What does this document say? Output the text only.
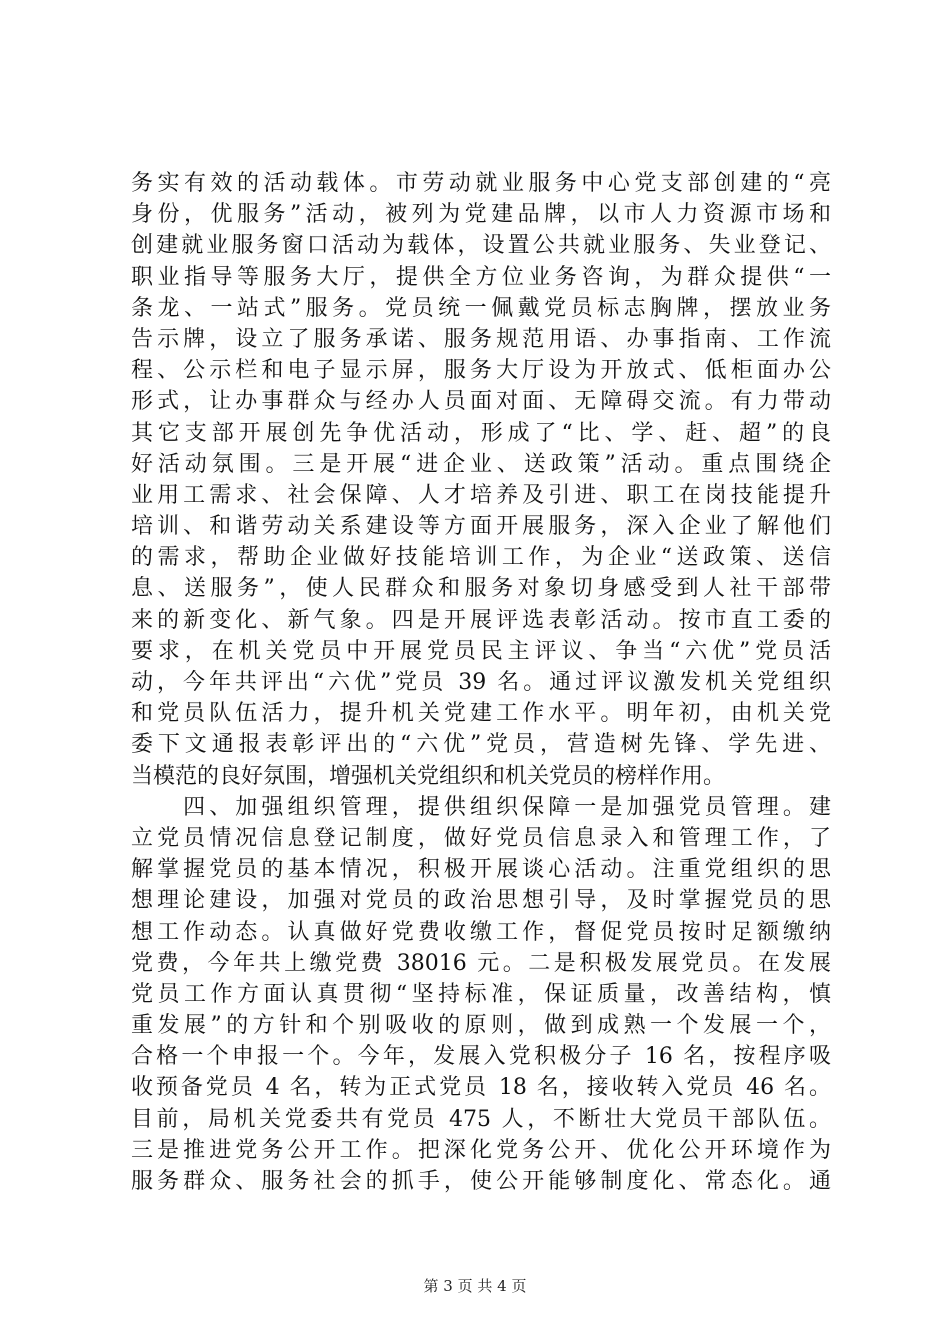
务实有效的活动载体。市劳动就业服务中心党支部创建的“亮
身份，优服务”活动，被列为党建品牌，以市人力资源市场和
创建就业服务窗口活动为载体，设置公共就业服务、失业登记、
职业指导等服务大厅，提供全方位业务咨询，为群众提供“一
条龙、一站式”服务。党员统一佩戴党员标志胸牌，摆放业务
告示牌，设立了服务承诺、服务规范用语、办事指南、工作流
程、公示栏和电子显示屏，服务大厅设为开放式、低柜面办公
形式，让办事群众与经办人员面对面、无障碍交流。有力带动
其它支部开展创先争优活动，形成了“比、学、赶、超”的良
好活动氛围。三是开展“进企业、送政策”活动。重点围绕企
业用工需求、社会保障、人才培养及引进、职工在岗技能提升
培训、和谐劳动关系建设等方面开展服务，深入企业了解他们
的需求，帮助企业做好技能培训工作，为企业“送政策、送信
息、送服务”，使人民群众和服务对象切身感受到人社干部带
来的新变化、新气象。四是开展评选表彰活动。按市直工委的
要求，在机关党员中开展党员民主评议、争当“六优”党员活
动，今年共评出“六优”党员 39 名。通过评议激发机关党组织
和党员队伍活力，提升机关党建工作水平。明年初，由机关党
委下文通报表彰评出的“六优”党员，营造树先锋、学先进、
当模范的良好氛围，增强机关党组织和机关党员的榜样作用。
　　四、加强组织管理，提供组织保障一是加强党员管理。建
立党员情况信息登记制度，做好党员信息录入和管理工作，了
解掌握党员的基本情况，积极开展谈心活动。注重党组织的思
想理论建设，加强对党员的政治思想引导，及时掌握党员的思
想工作动态。认真做好党费收缴工作，督促党员按时足额缴纳
党费，今年共上缴党费 38016 元。二是积极发展党员。在发展
党员工作方面认真贯彻“坚持标准，保证质量，改善结构，慎
重发展”的方针和个别吸收的原则，做到成熟一个发展一个，
合格一个申报一个。今年，发展入党积极分子 16 名，按程序吸
收预备党员 4 名，转为正式党员 18 名，接收转入党员 46 名。
目前，局机关党委共有党员 475 人，不断壮大党员干部队伍。
三是推进党务公开工作。把深化党务公开、优化公开环境作为
服务群众、服务社会的抓手，使公开能够制度化、常态化。通
第 3 页 共 4 页
